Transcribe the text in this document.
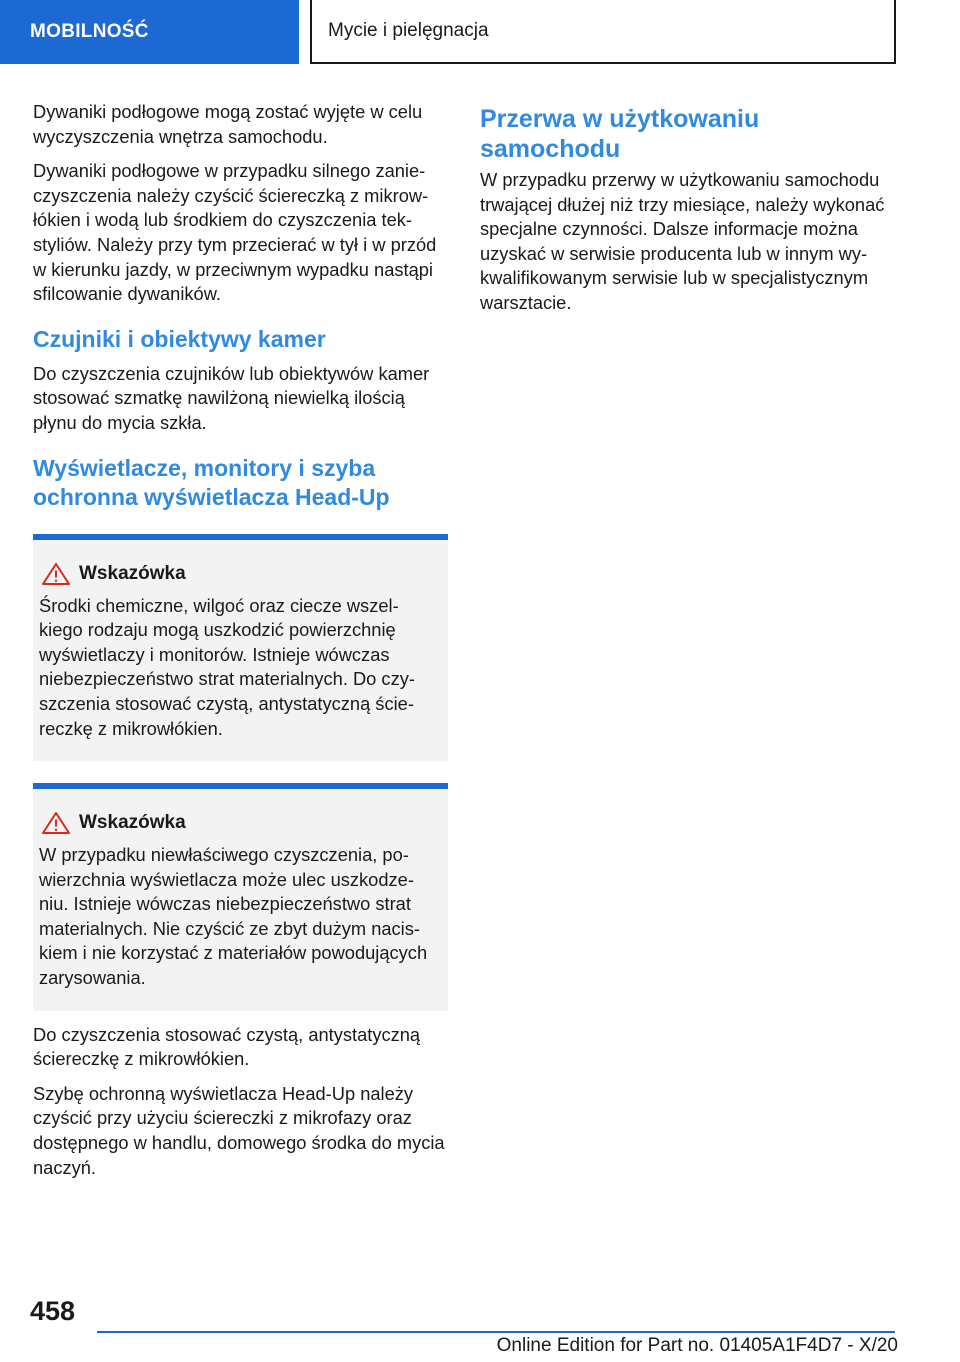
MOBILNOŚĆ	Mycie i pielęgnacja

Dywaniki podłogowe mogą zostać wyjęte w celu wyczyszczenia wnętrza samochodu.

Dywaniki podłogowe w przypadku silnego zanieczyszczenia należy czyścić ściereczką z mikrowłókien i wodą lub środkiem do czyszczenia tekstyliów. Należy przy tym przecierać w tył i w przód w kierunku jazdy, w przeciwnym wypadku nastąpi sfilcowanie dywaników.

Czujniki i obiektywy kamer

Do czyszczenia czujników lub obiektywów kamer stosować szmatkę nawilżoną niewielką ilością płynu do mycia szkła.

Wyświetlacze, monitory i szyba ochronna wyświetlacza Head-Up
Wskazówka

Środki chemiczne, wilgoć oraz ciecze wszelkiego rodzaju mogą uszkodzić powierzchnię wyświetlaczy i monitorów. Istnieje wówczas niebezpieczeństwo strat materialnych. Do czyszczenia stosować czystą, antystatyczną ściereczkę z mikrowłókien.

Wskazówka

W przypadku niewłaściwego czyszczenia, powierzchnia wyświetlacza może ulec uszkodzeniu. Istnieje wówczas niebezpieczeństwo strat materialnych. Nie czyścić ze zbyt dużym naciskiem i nie korzystać z materiałów powodujących zarysowania.

Do czyszczenia stosować czystą, antystatyczną ściereczkę z mikrowłókien.

Szybę ochronną wyświetlacza Head-Up należy czyścić przy użyciu ściereczki z mikrofazy oraz dostępnego w handlu, domowego środka do mycia naczyń.

Przerwa w użytkowaniu samochodu

W przypadku przerwy w użytkowaniu samochodu trwającej dłużej niż trzy miesiące, należy wykonać specjalne czynności. Dalsze informacje można uzyskać w serwisie producenta lub w innym wykwalifikowanym serwisie lub w specjalistycznym warsztacie.

458
Online Edition for Part no. 01405A1F4D7 - X/20
